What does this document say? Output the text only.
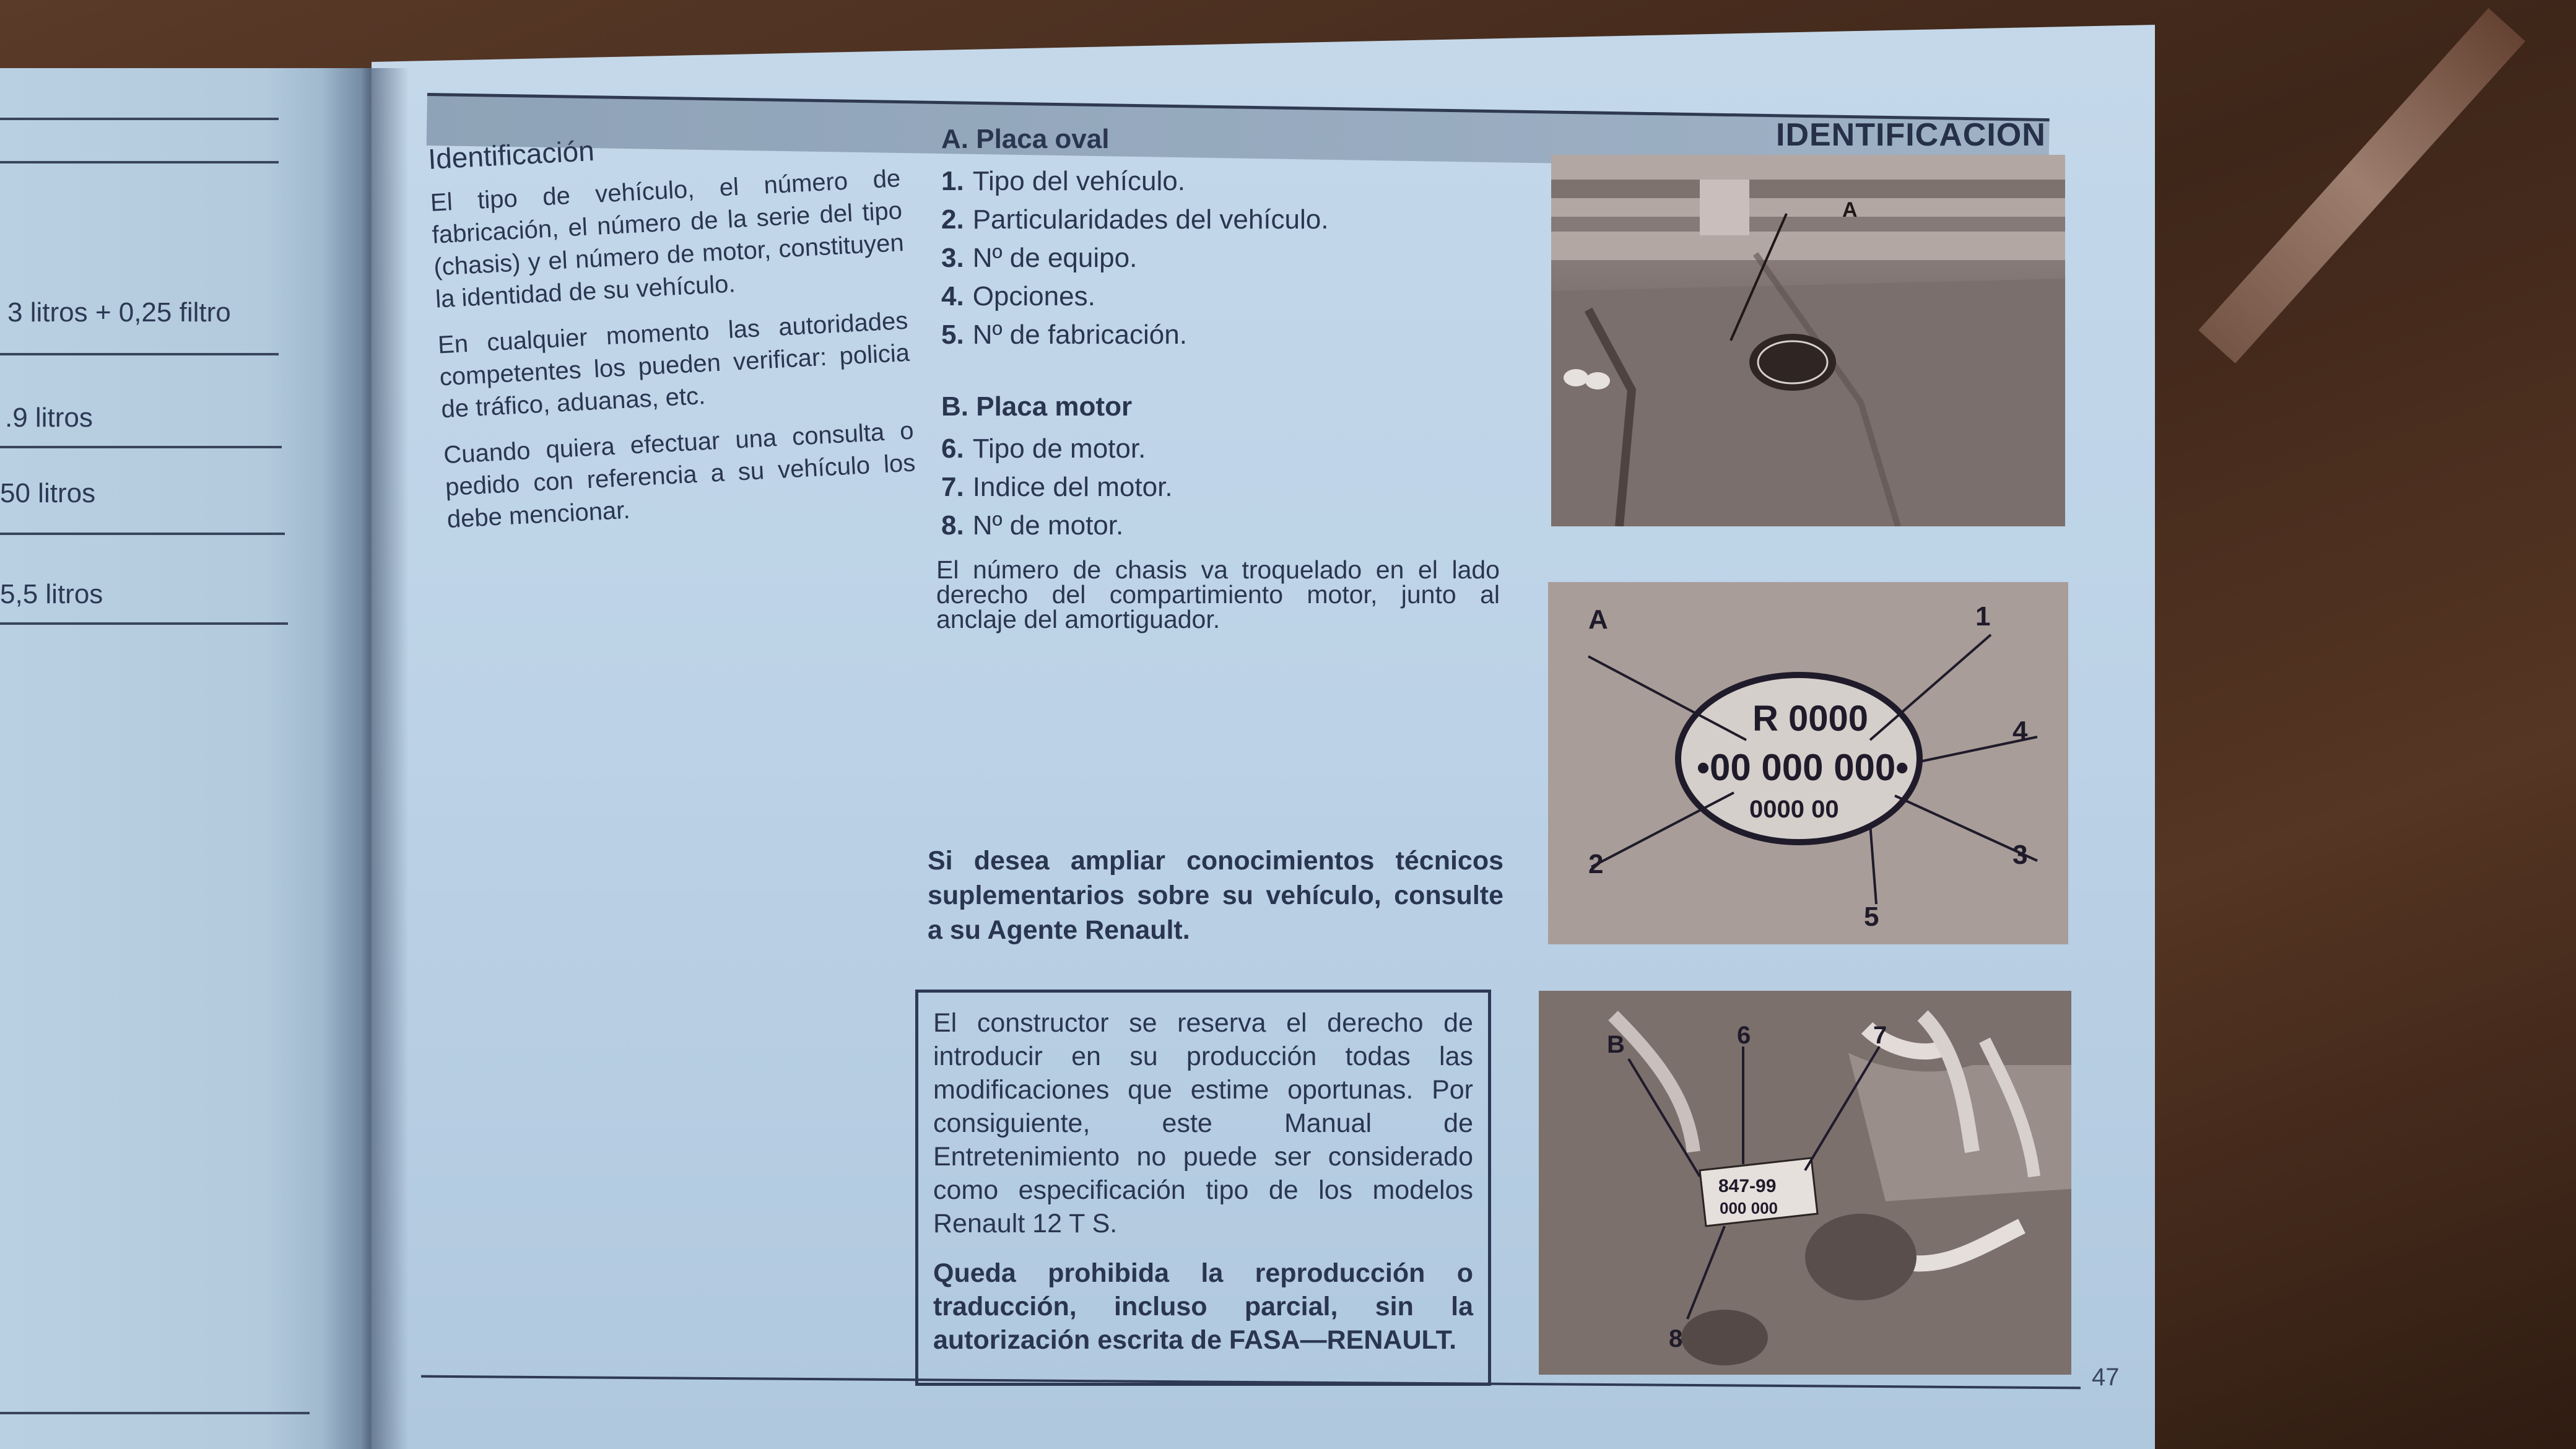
3 litros + 0,25 filtro
.9 litros
50 litros
5,5 litros
IDENTIFICACION
Identificación

El tipo de vehículo, el número de fabricación, el número de la serie del tipo (chasis) y el número de motor, constituyen la identidad de su vehículo.

En cualquier momento las autoridades competentes los pueden verificar: policia de tráfico, aduanas, etc.

Cuando quiera efectuar una consulta o pedido con referencia a su vehículo los debe mencionar.

A. Placa oval
1. Tipo del vehículo.
2. Particularidades del vehículo.
3. Nº de equipo.
4. Opciones.
5. Nº de fabricación.
B. Placa motor
6. Tipo de motor.
7. Indice del motor.
8. Nº de motor.
El número de chasis va troquelado en el lado derecho del compartimiento motor, junto al anclaje del amortiguador.
Si desea ampliar conocimientos técnicos suplementarios sobre su vehículo, consulte a su Agente Renault.

El constructor se reserva el derecho de introducir en su producción todas las modificaciones que estime oportunas. Por consiguiente, este Manual de Entretenimiento no puede ser considerado como especificación tipo de los modelos Renault 12 T S.

Queda prohibida la reproducción o traducción, incluso parcial, sin la autorización escrita de FASA—RENAULT.

A
R 0000
•00 000 000•
0000 00
A	1
2	3
4
5
847-99
000 000
B	6	7
8
47
